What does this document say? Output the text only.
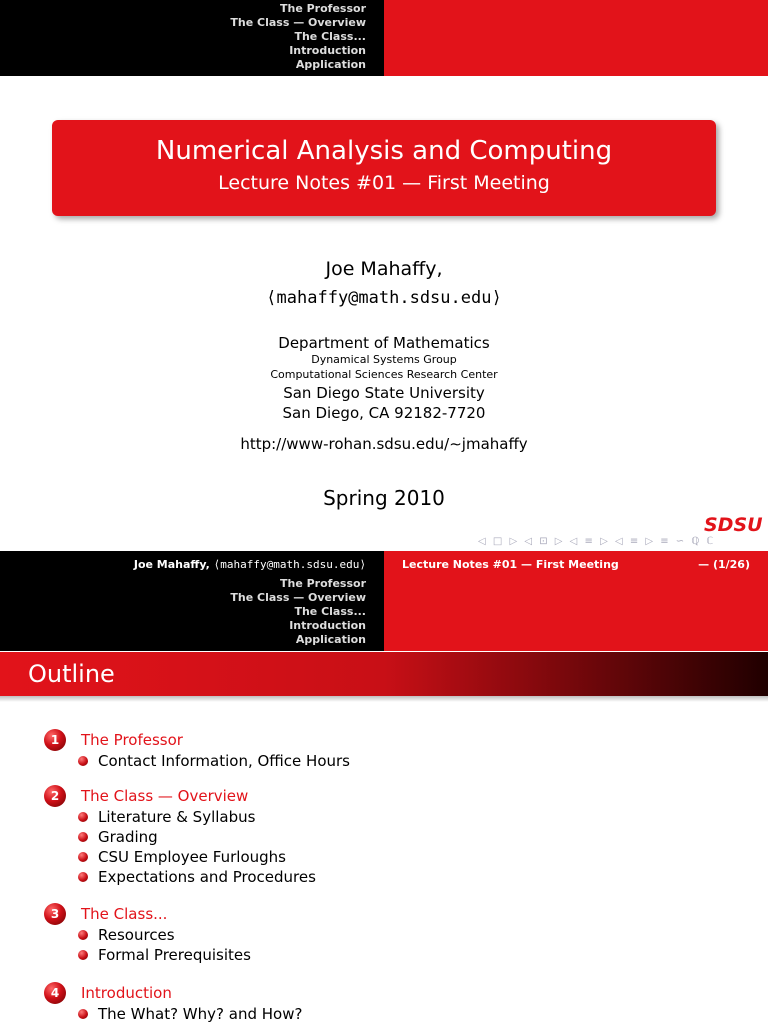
The Professor
The Class — Overview
The Class...
Introduction
Application
Numerical Analysis and Computing
Lecture Notes #01 — First Meeting
Joe Mahaffy,
⟨mahaffy@math.sdsu.edu⟩
Department of Mathematics
Dynamical Systems Group
Computational Sciences Research Center
San Diego State University
San Diego, CA 92182-7720
http://www-rohan.sdsu.edu/∼jmahaffy
Spring 2010
SDSU
◁ □ ▷ ◁ ⊡ ▷ ◁ ≡ ▷ ◁ ≡ ▷ ≡ ∽ ℚ ℂ
Joe Mahaffy, ⟨mahaffy@math.sdsu.edu⟩	Lecture Notes #01 — First Meeting	— (1/26)
The Professor
The Class — Overview
The Class...
Introduction
Application
Outline
1	The Professor
Contact Information, Office Hours
2	The Class — Overview
Literature & Syllabus
Grading
CSU Employee Furloughs
Expectations and Procedures
3	The Class...
Resources
Formal Prerequisites
4	Introduction
The What? Why? and How?
